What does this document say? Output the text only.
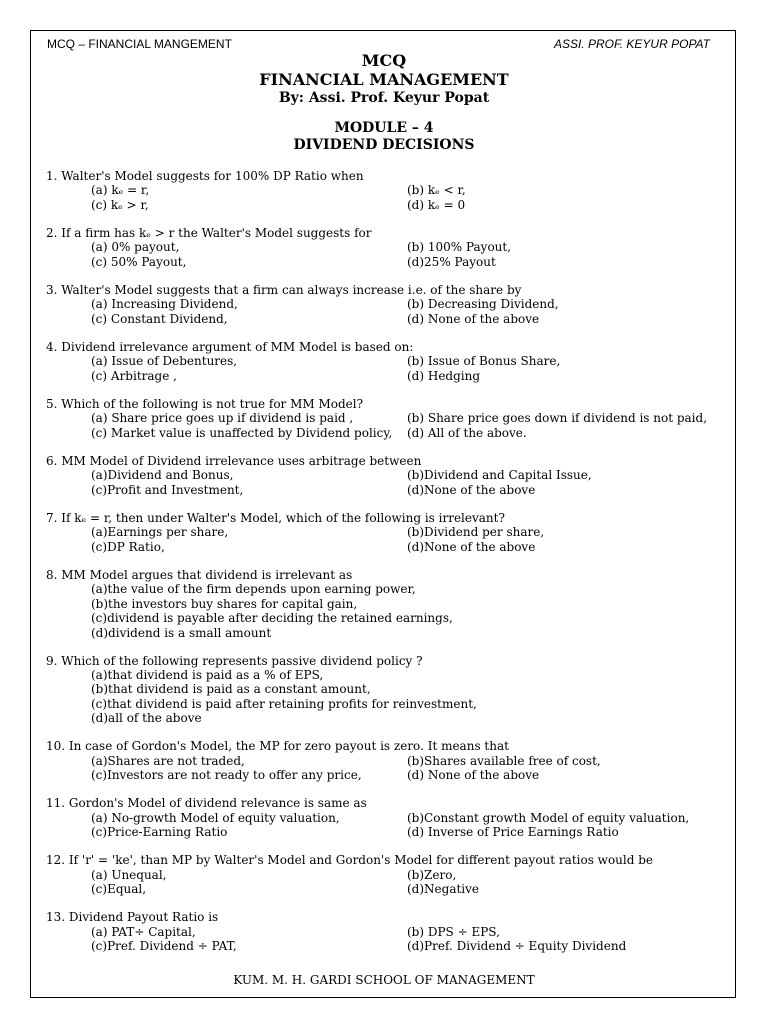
MCQ – FINANCIAL MANGEMENT	ASSI. PROF. KEYUR POPAT
MCQ
FINANCIAL MANAGEMENT
By: Assi. Prof. Keyur Popat
MODULE – 4
DIVIDEND DECISIONS
1. Walter's Model suggests for 100% DP Ratio when
(a) kₑ = r,	(b) kₑ < r,
(c) kₑ > r,	(d) kₑ = 0
2. If a firm has kₑ > r the Walter's Model suggests for
(a) 0% payout,	(b) 100% Payout,
(c) 50% Payout,	(d)25% Payout
3. Walter's Model suggests that a firm can always increase i.e. of the share by
(a) Increasing Dividend,	(b) Decreasing Dividend,
(c) Constant Dividend,	(d) None of the above
4. Dividend irrelevance argument of MM Model is based on:
(a) Issue of Debentures,	(b) Issue of Bonus Share,
(c) Arbitrage ,	(d) Hedging
5. Which of the following is not true for MM Model?
(a) Share price goes up if dividend is paid ,	(b) Share price goes down if dividend is not paid,
(c) Market value is unaffected by Dividend policy,	(d) All of the above.
6. MM Model of Dividend irrelevance uses arbitrage between
(a)Dividend and Bonus,	(b)Dividend and Capital Issue,
(c)Profit and Investment,	(d)None of the above
7. If kₑ = r, then under Walter's Model, which of the following is irrelevant?
(a)Earnings per share,	(b)Dividend per share,
(c)DP Ratio,	(d)None of the above
8. MM Model argues that dividend is irrelevant as
(a)the value of the firm depends upon earning power,
(b)the investors buy shares for capital gain,
(c)dividend is payable after deciding the retained earnings,
(d)dividend is a small amount
9. Which of the following represents passive dividend policy ?
(a)that dividend is paid as a % of EPS,
(b)that dividend is paid as a constant amount,
(c)that dividend is paid after retaining profits for reinvestment,
(d)all of the above
10. In case of Gordon's Model, the MP for zero payout is zero. It means that
(a)Shares are not traded,	(b)Shares available free of cost,
(c)Investors are not ready to offer any price,	(d) None of the above
11. Gordon's Model of dividend relevance is same as
(a) No-growth Model of equity valuation,	(b)Constant growth Model of equity valuation,
(c)Price-Earning Ratio	(d) Inverse of Price Earnings Ratio
12. If 'r' = 'ke', than MP by Walter's Model and Gordon's Model for different payout ratios would be
(a) Unequal,	(b)Zero,
(c)Equal,	(d)Negative
13. Dividend Payout Ratio is
(a) PAT÷ Capital,	(b) DPS ÷ EPS,
(c)Pref. Dividend ÷ PAT,	(d)Pref. Dividend ÷ Equity Dividend
KUM. M. H. GARDI SCHOOL OF MANAGEMENT
